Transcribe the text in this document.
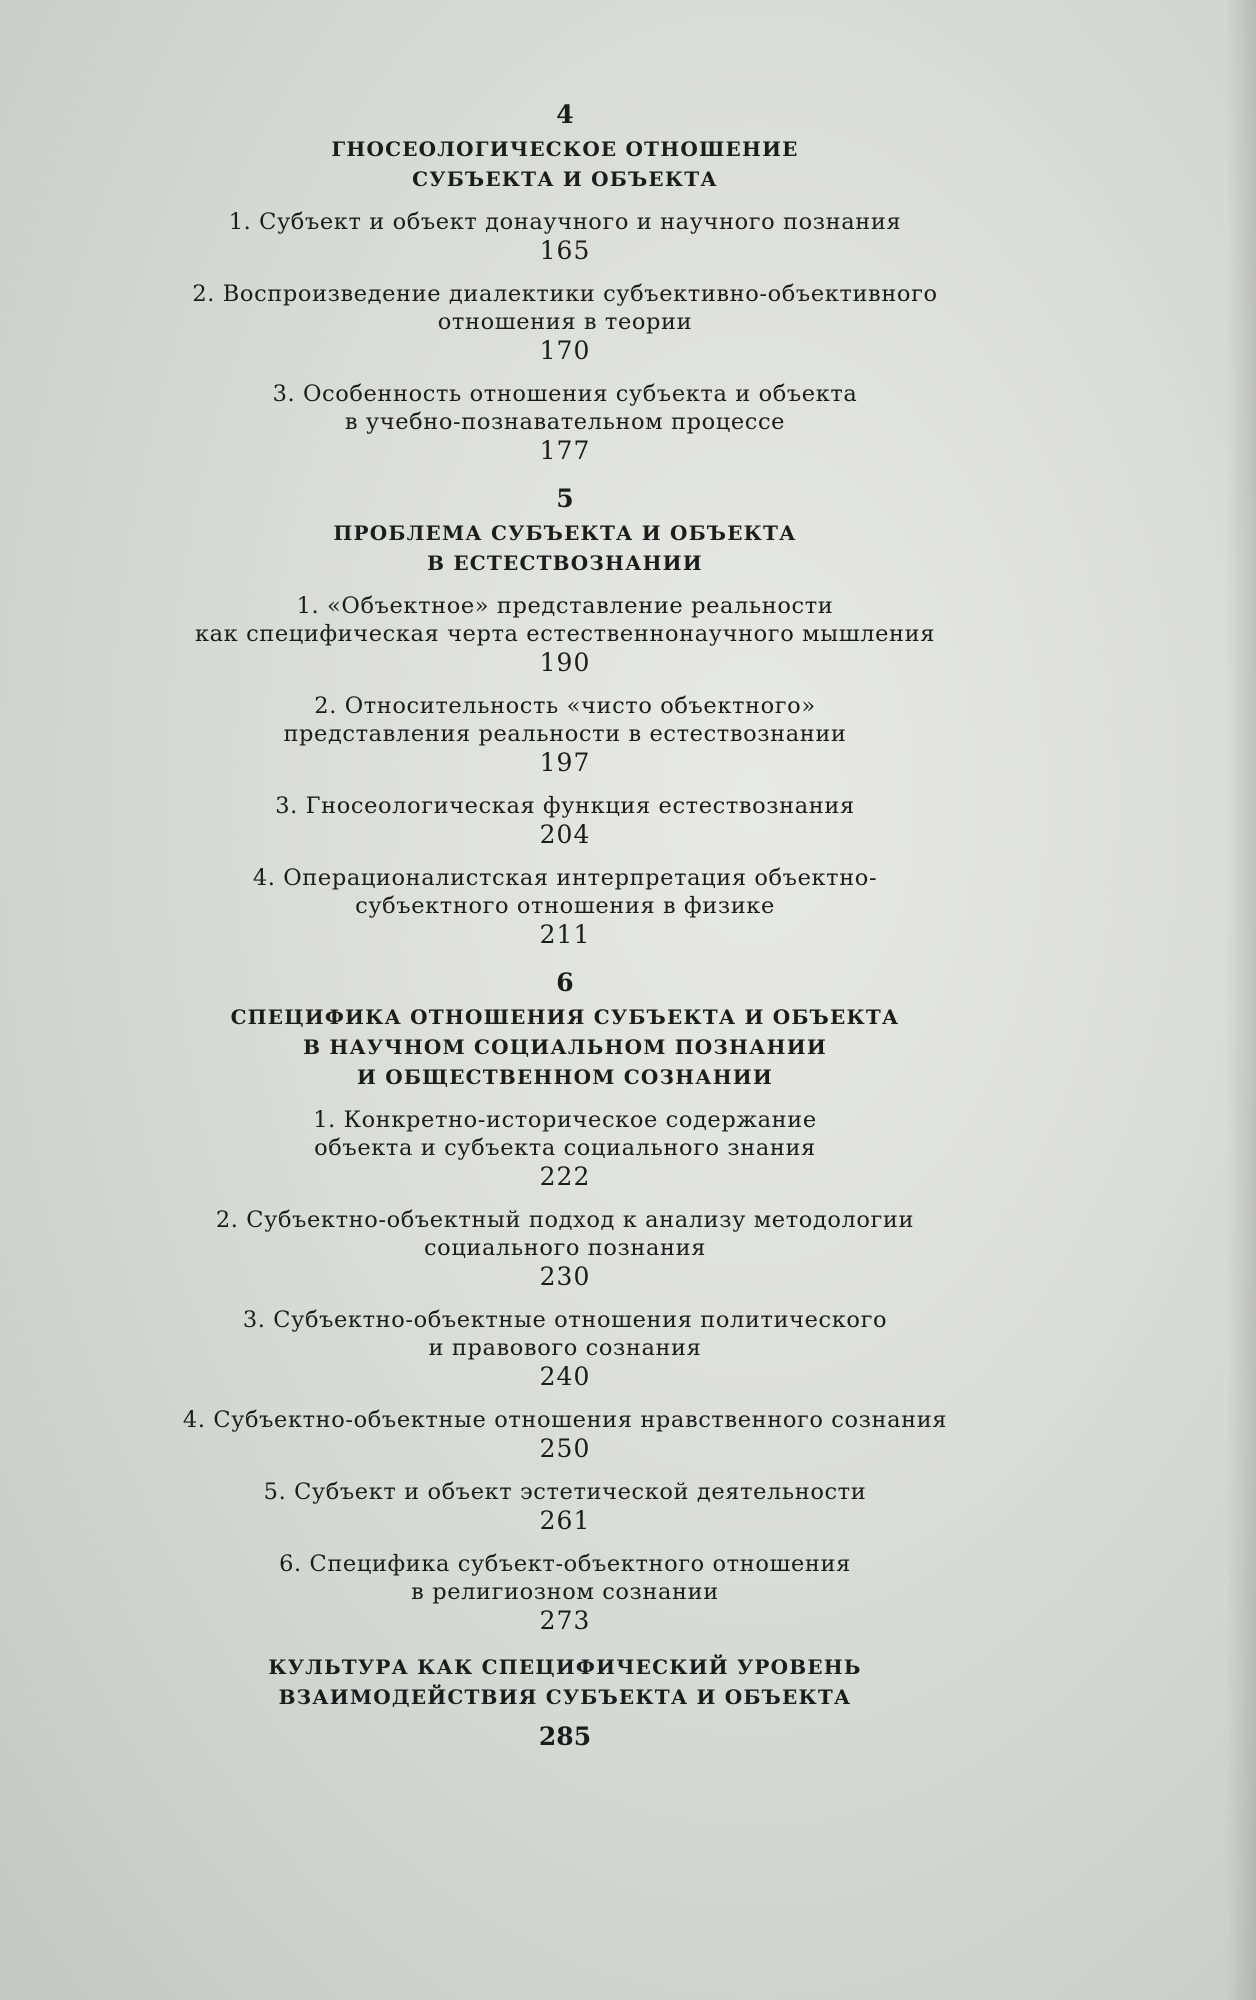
4
ГНОСЕОЛОГИЧЕСКОЕ ОТНОШЕНИЕ
СУБЪЕКТА И ОБЪЕКТА
1. Субъект и объект донаучного и научного познания
165
2. Воспроизведение диалектики субъективно-объективного
отношения в теории
170
3. Особенность отношения субъекта и объекта
в учебно-познавательном процессе
177
5
ПРОБЛЕМА СУБЪЕКТА И ОБЪЕКТА
В ЕСТЕСТВОЗНАНИИ
1. «Объектное» представление реальности
как специфическая черта естественнонаучного мышления
190
2. Относительность «чисто объектного»
представления реальности в естествознании
197
3. Гносеологическая функция естествознания
204
4. Операционалистская интерпретация объектно-
субъектного отношения в физике
211
6
СПЕЦИФИКА ОТНОШЕНИЯ СУБЪЕКТА И ОБЪЕКТА
В НАУЧНОМ СОЦИАЛЬНОМ ПОЗНАНИИ
И ОБЩЕСТВЕННОМ СОЗНАНИИ
1. Конкретно-историческое содержание
объекта и субъекта социального знания
222
2. Субъектно-объектный подход к анализу методологии
социального познания
230
3. Субъектно-объектные отношения политического
и правового сознания
240
4. Субъектно-объектные отношения нравственного сознания
250
5. Субъект и объект эстетической деятельности
261
6. Специфика субъект-объектного отношения
в религиозном сознании
273
КУЛЬТУРА КАК СПЕЦИФИЧЕСКИЙ УРОВЕНЬ
ВЗАИМОДЕЙСТВИЯ СУБЪЕКТА И ОБЪЕКТА
285
